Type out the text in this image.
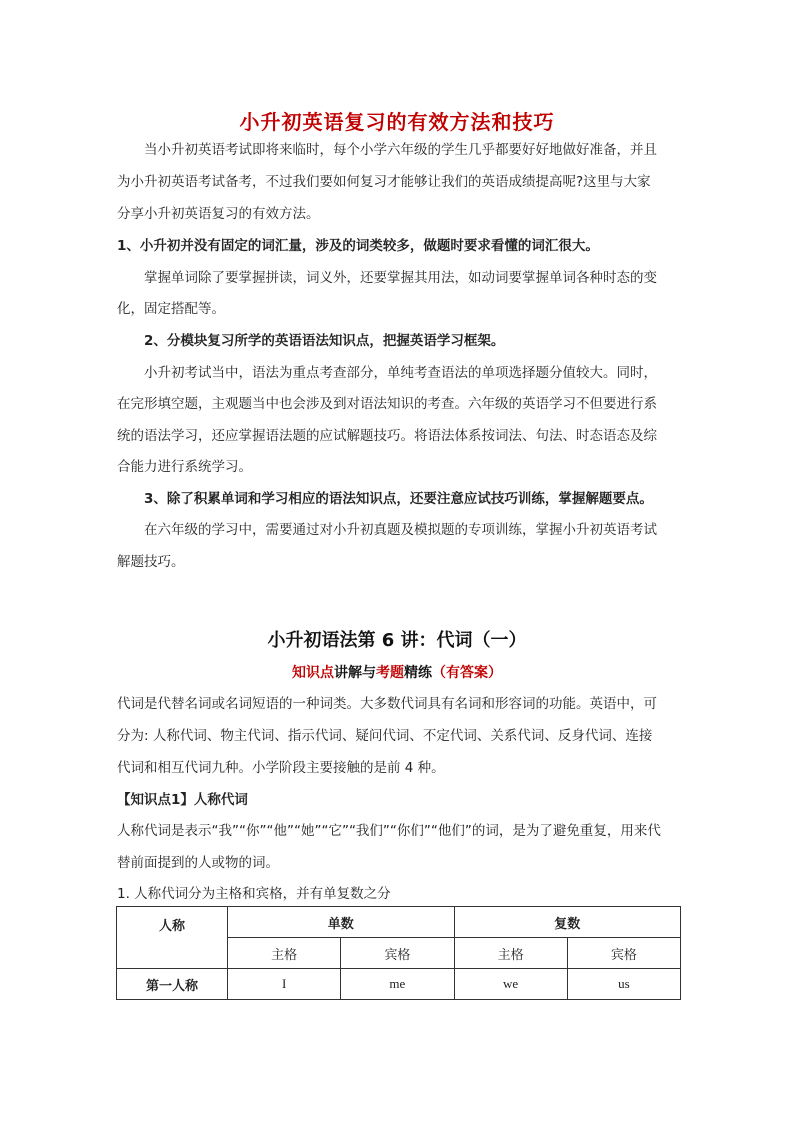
小升初英语复习的有效方法和技巧
当小升初英语考试即将来临时，每个小学六年级的学生几乎都要好好地做好准备，并且
为小升初英语考试备考，不过我们要如何复习才能够让我们的英语成绩提高呢?这里与大家
分享小升初英语复习的有效方法。
1、小升初并没有固定的词汇量，涉及的词类较多，做题时要求看懂的词汇很大。
掌握单词除了要掌握拼读，词义外，还要掌握其用法，如动词要掌握单词各种时态的变
化，固定搭配等。
2、分模块复习所学的英语语法知识点，把握英语学习框架。
小升初考试当中，语法为重点考查部分，单纯考查语法的单项选择题分值较大。同时，
在完形填空题，主观题当中也会涉及到对语法知识的考查。六年级的英语学习不但要进行系
统的语法学习，还应掌握语法题的应试解题技巧。将语法体系按词法、句法、时态语态及综
合能力进行系统学习。
3、除了积累单词和学习相应的语法知识点，还要注意应试技巧训练，掌握解题要点。
在六年级的学习中，需要通过对小升初真题及模拟题的专项训练，掌握小升初英语考试
解题技巧。
小升初语法第 6 讲：代词（一）
知识点讲解与考题精练（有答案）
代词是代替名词或名词短语的一种词类。大多数代词具有名词和形容词的功能。英语中，可
分为: 人称代词、物主代词、指示代词、疑问代词、不定代词、关系代词、反身代词、连接
代词和相互代词九种。小学阶段主要接触的是前 4 种。
【知识点1】人称代词
人称代词是表示“我”“你”“他”“她”“它”“我们”“你们”“他们”的词，是为了避免重复，用来代
替前面提到的人或物的词。
1. 人称代词分为主格和宾格，并有单复数之分
人称	单数		复数	
	主格	宾格	主格	宾格
第一人称	I	me	we	us
